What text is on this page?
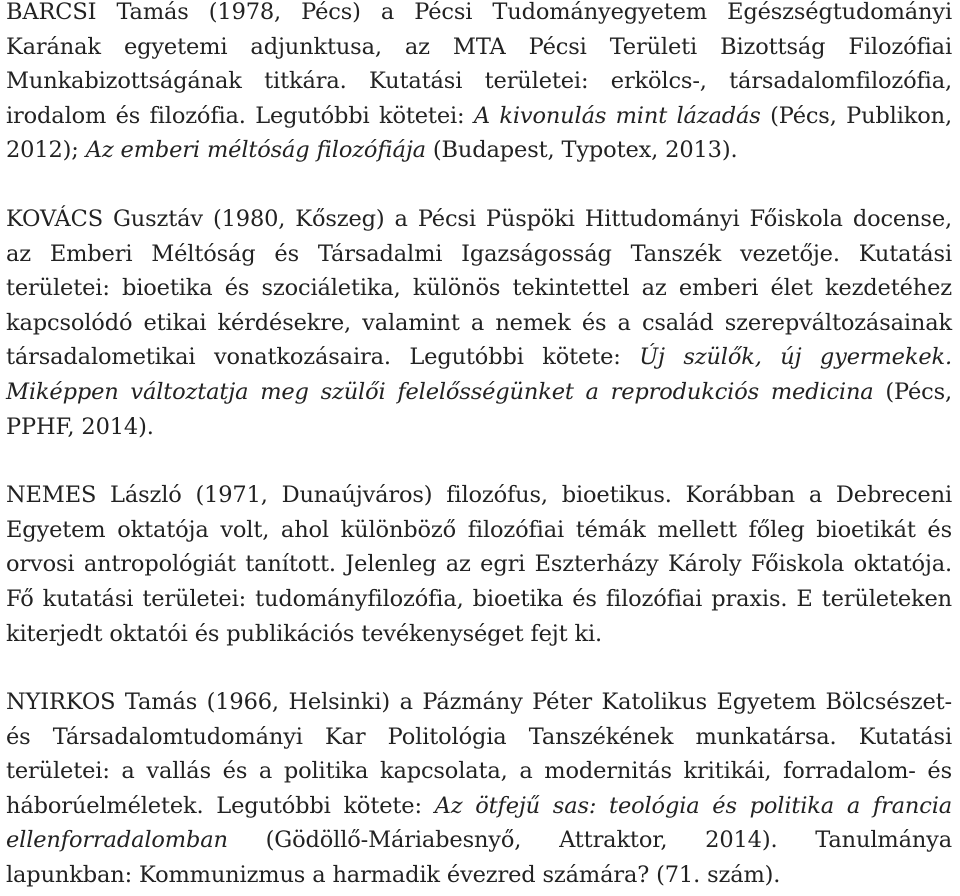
BARCSI Tamás (1978, Pécs) a Pécsi Tudományegyetem Egészségtudományi Karának egyetemi adjunktusa, az MTA Pécsi Területi Bizottság Filozófiai Munkabizottságának titkára. Kutatási területei: erkölcs-, társadalomfilozófia, irodalom és filozófia. Legutóbbi kötetei: A kivonulás mint lázadás (Pécs, Publikon, 2012); Az emberi méltóság filozófiája (Budapest, Typotex, 2013).

KOVÁCS Gusztáv (1980, Kőszeg) a Pécsi Püspöki Hittudományi Főiskola docense, az Emberi Méltóság és Társadalmi Igazságosság Tanszék vezetője. Kutatási területei: bioetika és szociáletika, különös tekintettel az emberi élet kezdetéhez kapcsolódó etikai kérdésekre, valamint a nemek és a család szerepváltozásainak társadalometikai vonatkozásaira. Legutóbbi kötete: Új szülők, új gyermekek. Miképpen változtatja meg szülői felelősségünket a reprodukciós medicina (Pécs, PPHF, 2014).

NEMES László (1971, Dunaújváros) filozófus, bioetikus. Korábban a Debreceni Egyetem oktatója volt, ahol különböző filozófiai témák mellett főleg bioetikát és orvosi antropológiát tanított. Jelenleg az egri Eszterházy Károly Főiskola oktatója. Fő kutatási területei: tudományfilozófia, bioetika és filozófiai praxis. E területeken kiterjedt oktatói és publikációs tevékenységet fejt ki.

NYIRKOS Tamás (1966, Helsinki) a Pázmány Péter Katolikus Egyetem Bölcsészet- és Társadalomtudományi Kar Politológia Tanszékének munkatársa. Kutatási területei: a vallás és a politika kapcsolata, a modernitás kritikái, forradalom- és háborúelméletek. Legutóbbi kötete: Az ötfejű sas: teológia és politika a francia ellenforradalomban (Gödöllő-Máriabesnyő, Attraktor, 2014). Tanulmánya lapunkban: Kommunizmus a harmadik évezred számára? (71. szám).
